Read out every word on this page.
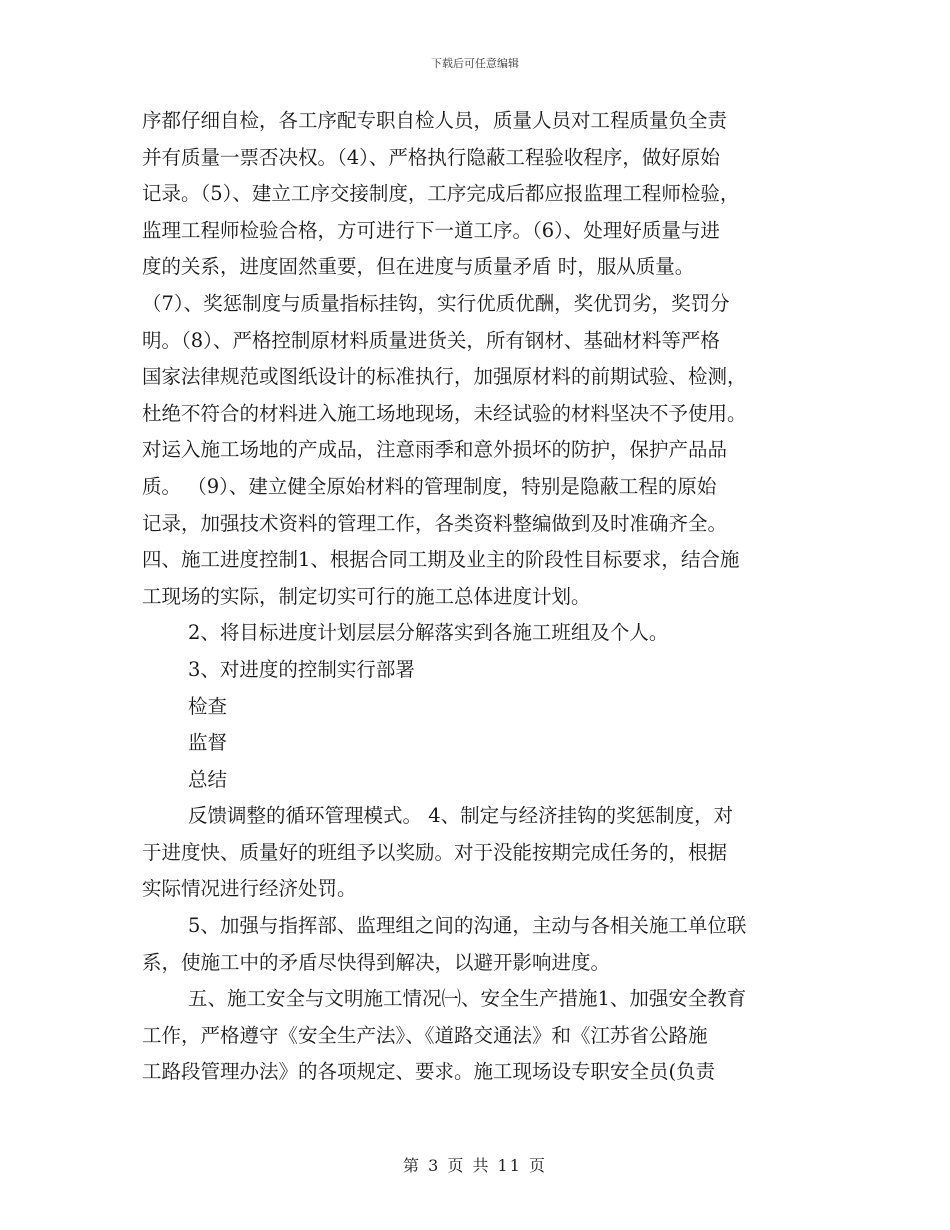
下载后可任意编辑
序都仔细自检，各工序配专职自检人员，质量人员对工程质量负全责
并有质量一票否决权。（4）、严格执行隐蔽工程验收程序，做好原始
记录。（5）、建立工序交接制度，工序完成后都应报监理工程师检验，
监理工程师检验合格，方可进行下一道工序。（6）、处理好质量与进
度的关系，进度固然重要，但在进度与质量矛盾 时，服从质量。
（7）、奖惩制度与质量指标挂钩，实行优质优酬，奖优罚劣，奖罚分
明。（8）、严格控制原材料质量进货关，所有钢材、基础材料等严格
国家法律规范或图纸设计的标准执行，加强原材料的前期试验、检测，
杜绝不符合的材料进入施工场地现场，未经试验的材料坚决不予使用。
对运入施工场地的产成品，注意雨季和意外损坏的防护，保护产品品
质。 （9）、建立健全原始材料的管理制度，特别是隐蔽工程的原始
记录，加强技术资料的管理工作，各类资料整编做到及时准确齐全。
四、施工进度控制1、根据合同工期及业主的阶段性目标要求，结合施
工现场的实际，制定切实可行的施工总体进度计划。
2、将目标进度计划层层分解落实到各施工班组及个人。
3、对进度的控制实行部署
检查
监督
总结
反馈调整的循环管理模式。 4、制定与经济挂钩的奖惩制度，对
于进度快、质量好的班组予以奖励。对于没能按期完成任务的，根据
实际情况进行经济处罚。
5、加强与指挥部、监理组之间的沟通，主动与各相关施工单位联
系，使施工中的矛盾尽快得到解决，以避开影响进度。
五、施工安全与文明施工情况㈠、安全生产措施1、加强安全教育
工作，严格遵守《安全生产法》、《道路交通法》和《江苏省公路施
工路段管理办法》的各项规定、要求。施工现场设专职安全员(负责
第 3 页 共 11 页
